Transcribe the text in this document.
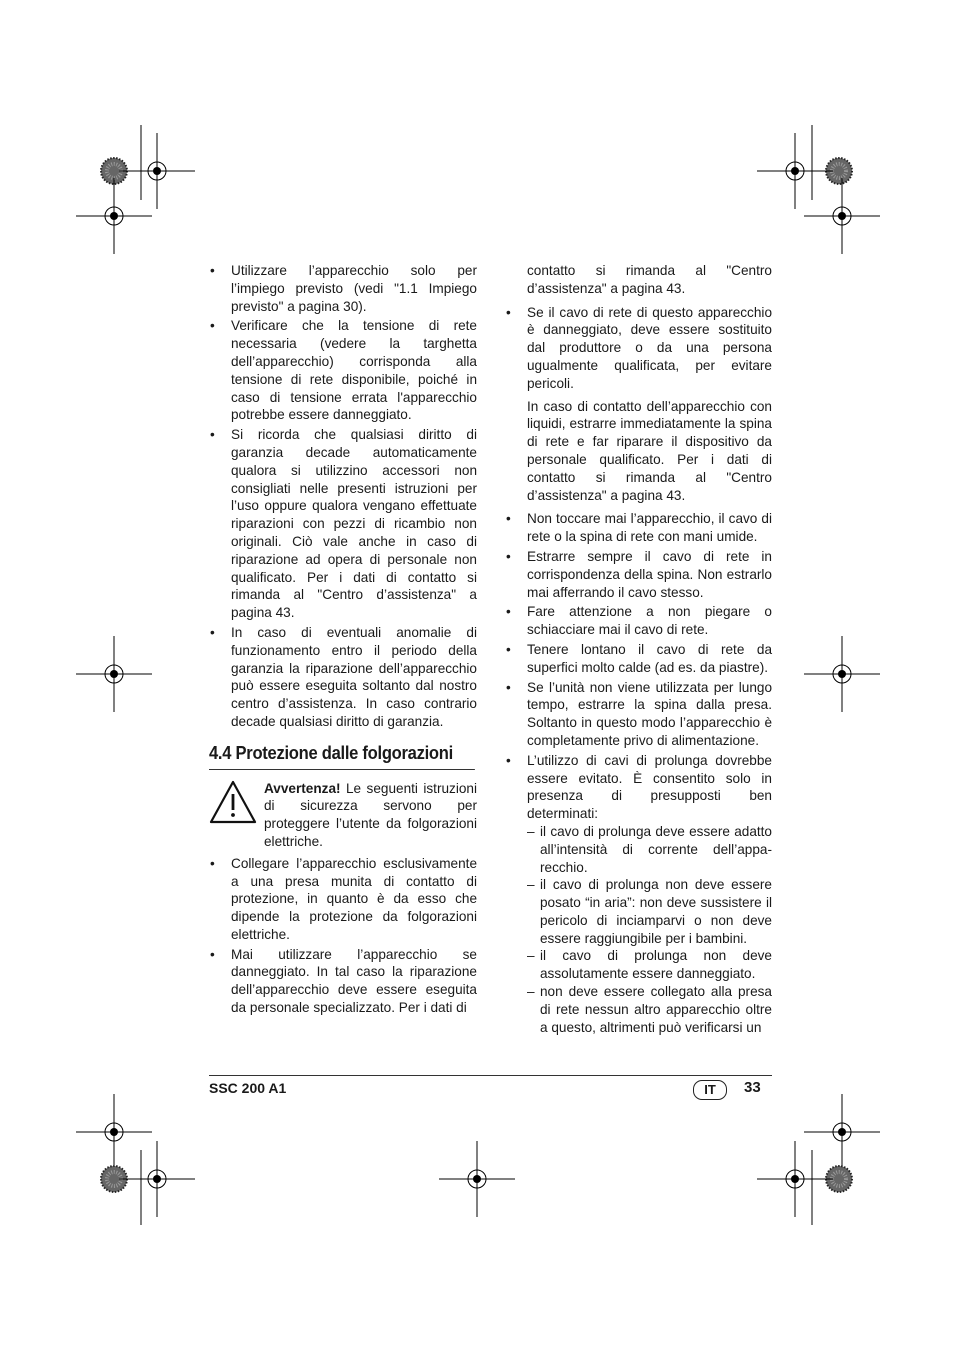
• Utilizzare l’apparecchio solo per l’impiego previsto (vedi "1.1 Impiego previsto" a pagina 30).
• Verificare che la tensione di rete necessaria (vedere la targhetta dell’apparecchio) corrisponda alla tensione di rete disponibile, poiché in caso di tensione errata l'apparecchio potrebbe essere danneggiato.
• Si ricorda che qualsiasi diritto di garanzia decade automaticamente qualora si utilizzino accessori non consigliati nelle presenti istruzioni per l’uso oppure qualora vengano effettuate riparazioni con pezzi di ricambio non originali. Ciò vale anche in caso di riparazione ad opera di personale non qualificato. Per i dati di contatto si rimanda al "Centro d’assistenza" a pagina 43.
• In caso di eventuali anomalie di funzionamento entro il periodo della garanzia la riparazione dell’apparecchio può essere eseguita soltanto dal nostro centro d’assistenza. In caso contrario decade qualsiasi diritto di garanzia.
4.4 Protezione dalle folgorazioni
Avvertenza! Le seguenti istruzioni di sicurezza servono per proteggere l’utente da folgorazioni elettriche.
• Collegare l’apparecchio esclusivamente a una presa munita di contatto di protezione, in quanto è da esso che dipende la protezione da folgorazioni elettriche.
• Mai utilizzare l’apparecchio se danneggiato. In tal caso la riparazione dell’apparecchio deve essere eseguita da personale specializzato. Per i dati di

contatto si rimanda al "Centro d’assistenza" a pagina 43.

• Se il cavo di rete di questo apparecchio è danneggiato, deve essere sostituito dal produttore o da una persona ugualmente qualificata, per evitare pericoli.
In caso di contatto dell’apparecchio con liquidi, estrarre immediatamente la spina di rete e far riparare il dispositivo da personale qualificato. Per i dati di contatto si rimanda al "Centro d’assistenza" a pagina 43.
• Non toccare mai l’apparecchio, il cavo di rete o la spina di rete con mani umide.
• Estrarre sempre il cavo di rete in corrispondenza della spina. Non estrarlo mai afferrando il cavo stesso.
• Fare attenzione a non piegare o schiacciare mai il cavo di rete.
• Tenere lontano il cavo di rete da superfici molto calde (ad es. da piastre).
• Se l’unità non viene utilizzata per lungo tempo, estrarre la spina dalla presa. Soltanto in questo modo l’apparecchio è completamente privo di alimentazione.
• L’utilizzo di cavi di prolunga dovrebbe essere evitato. È consentito solo in presenza di presupposti ben determinati:
– il cavo di prolunga deve essere adatto all’intensità di corrente dell’appa-recchio.
– il cavo di prolunga non deve essere posato “in aria”: non deve sussistere il pericolo di inciamparvi o non deve essere raggiungibile per i bambini.
– il cavo di prolunga non deve assolutamente essere danneggiato.
– non deve essere collegato alla presa di rete nessun altro apparecchio oltre a questo, altrimenti può verificarsi un
SSC 200 A1	IT	33
